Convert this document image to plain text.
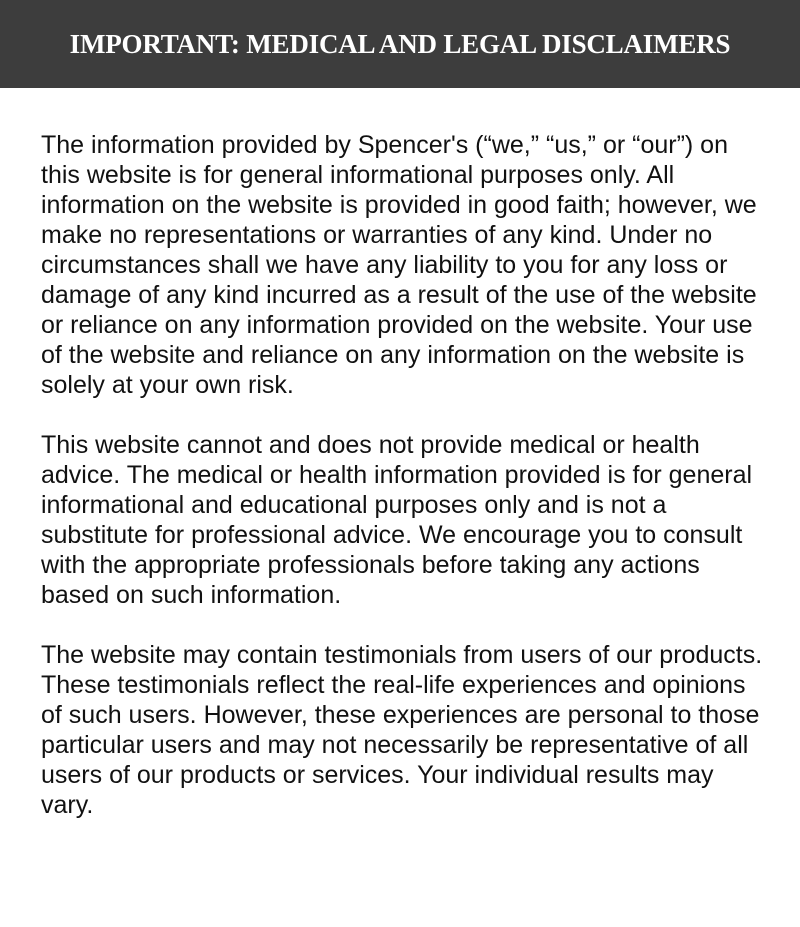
IMPORTANT: MEDICAL AND LEGAL DISCLAIMERS

The information provided by Spencer's (“we,” “us,” or “our”) on this website is for general informational purposes only. All information on the website is provided in good faith; however, we make no representations or warranties of any kind. Under no circumstances shall we have any liability to you for any loss or damage of any kind incurred as a result of the use of the website or reliance on any information provided on the website. Your use of the website and reliance on any information on the website is solely at your own risk.

This website cannot and does not provide medical or health advice. The medical or health information provided is for general informational and educational purposes only and is not a substitute for professional advice. We encourage you to consult with the appropriate professionals before taking any actions based on such information.

The website may contain testimonials from users of our products. These testimonials reflect the real-life experiences and opinions of such users. However, these experiences are personal to those particular users and may not necessarily be representative of all users of our products or services. Your individual results may vary.
